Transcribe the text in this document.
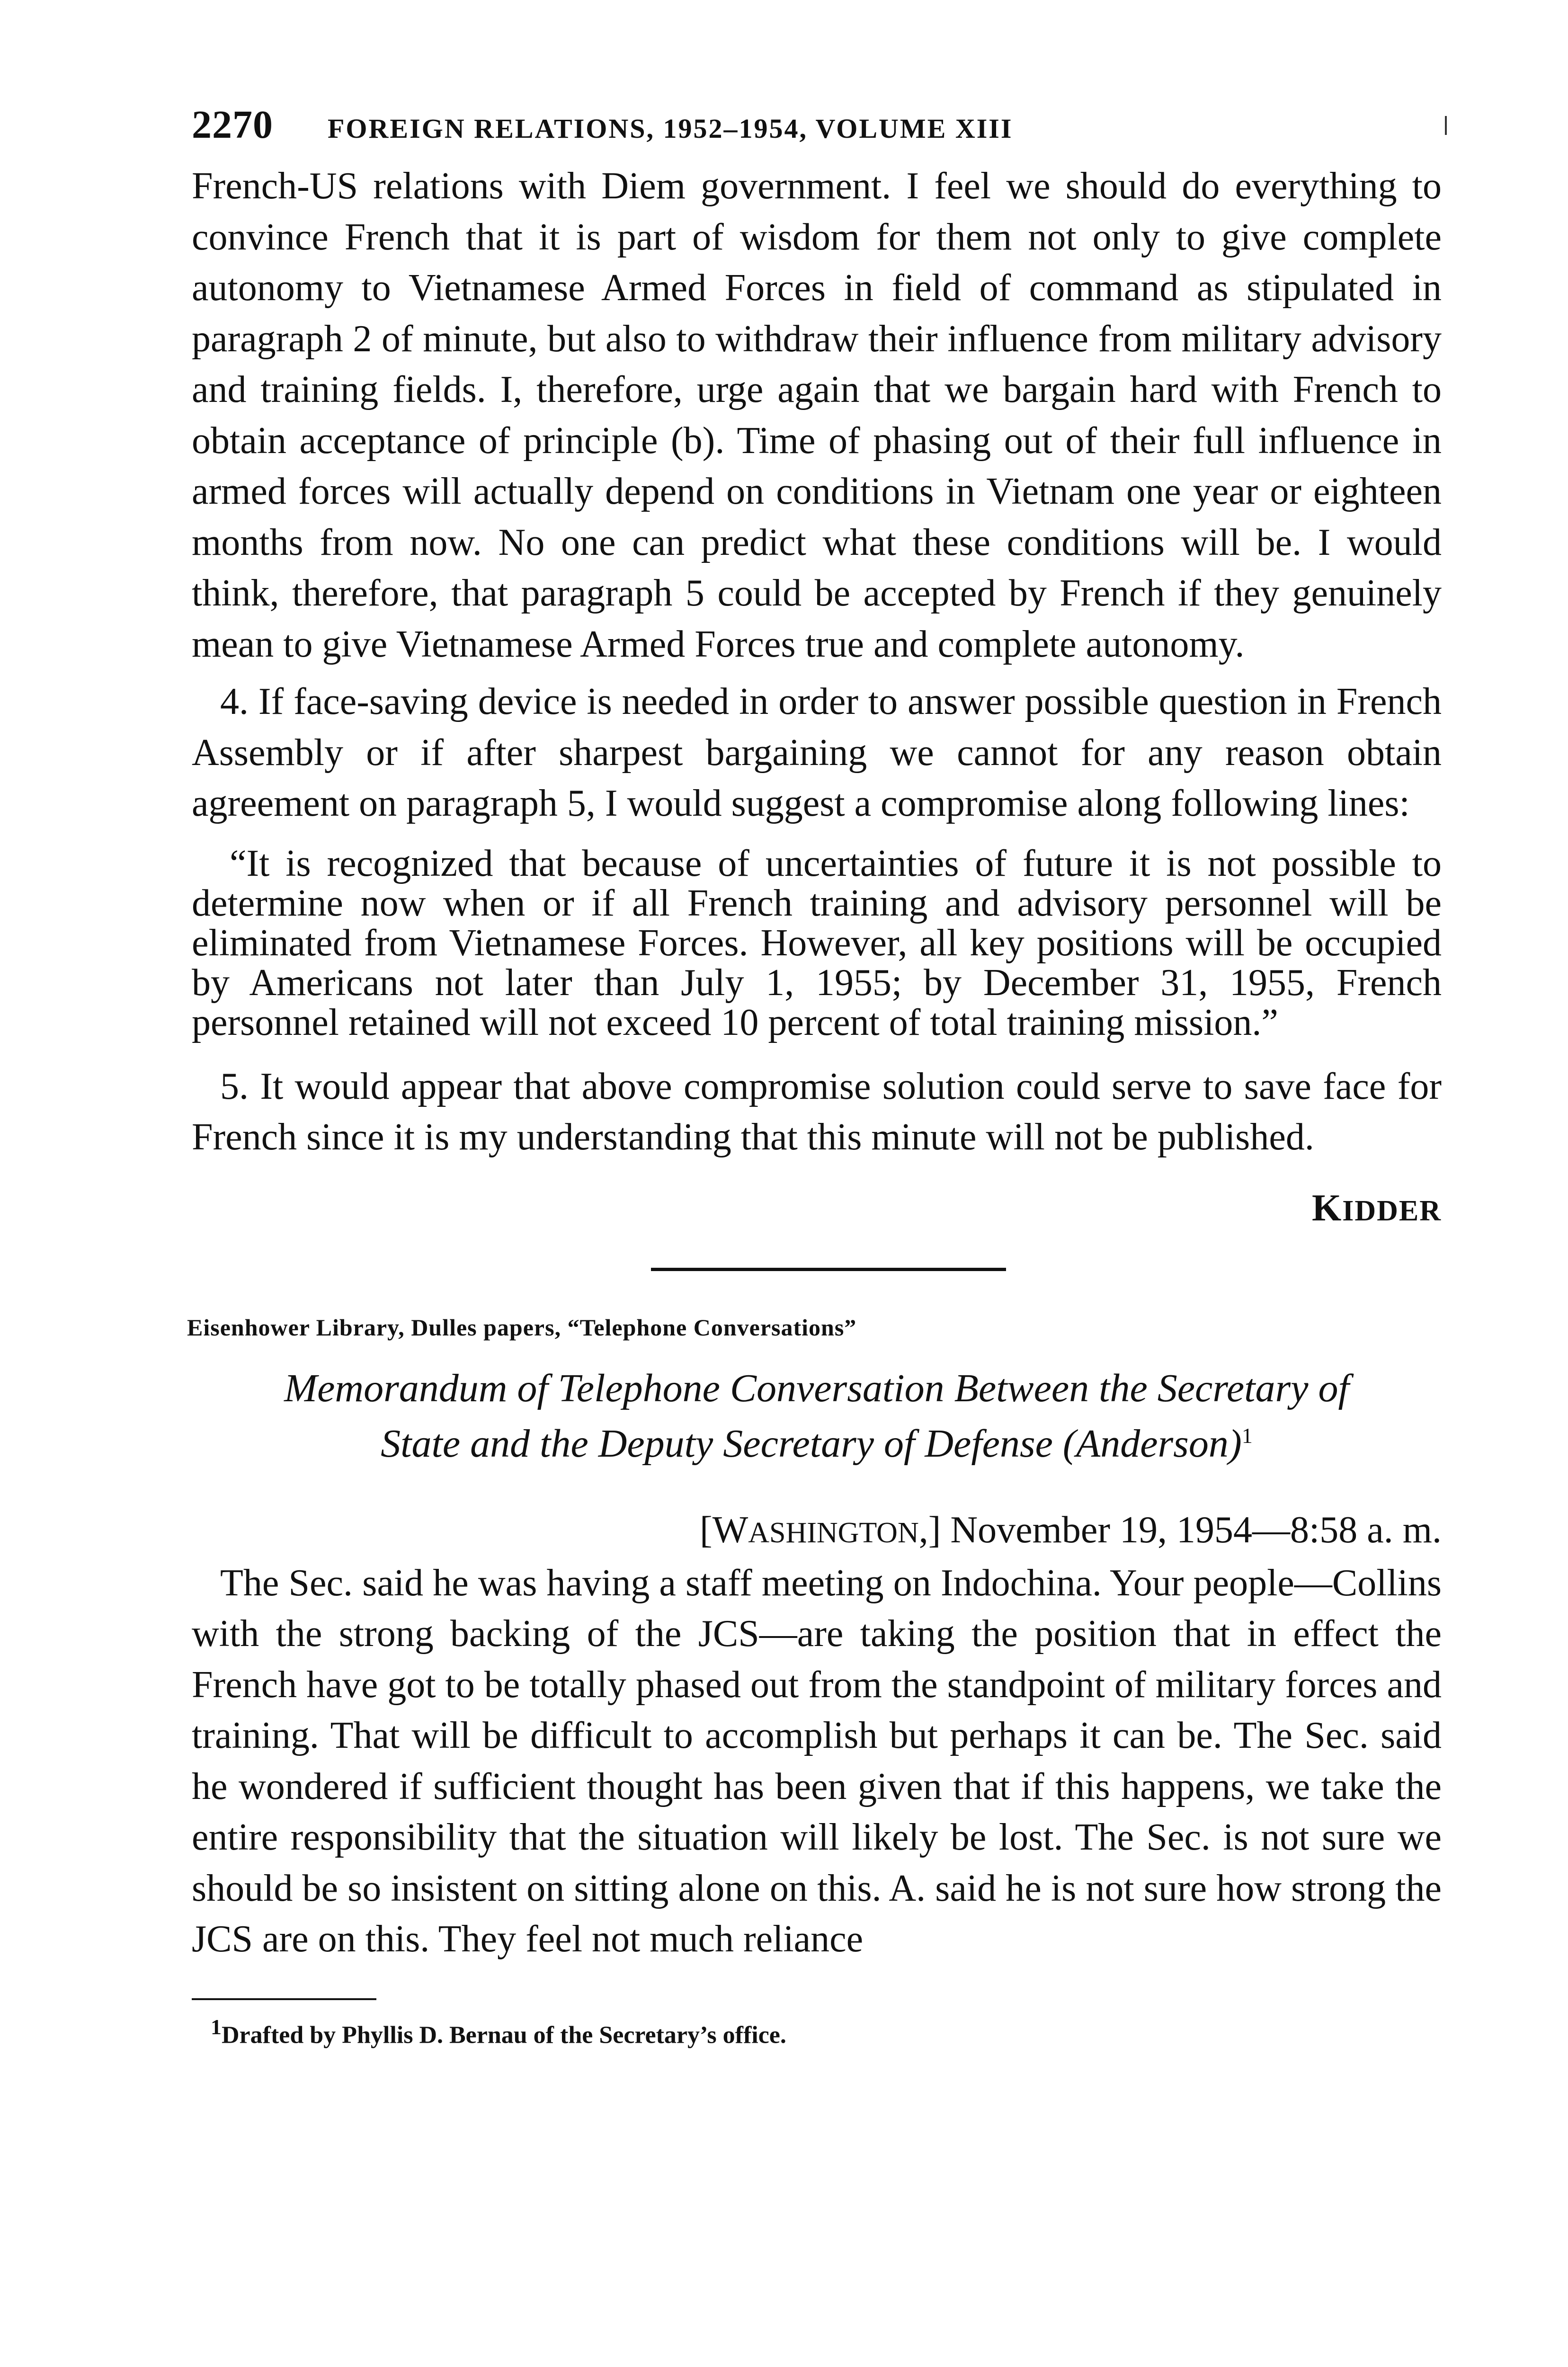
2270 FOREIGN RELATIONS, 1952–1954, VOLUME XIII

French-US relations with Diem government. I feel we should do everything to convince French that it is part of wisdom for them not only to give complete autonomy to Vietnamese Armed Forces in field of command as stipulated in paragraph 2 of minute, but also to withdraw their influence from military advisory and training fields. I, therefore, urge again that we bargain hard with French to obtain acceptance of principle (b). Time of phasing out of their full influence in armed forces will actually depend on conditions in Vietnam one year or eighteen months from now. No one can predict what these conditions will be. I would think, therefore, that paragraph 5 could be accepted by French if they genuinely mean to give Vietnamese Armed Forces true and complete autonomy.

4. If face-saving device is needed in order to answer possible question in French Assembly or if after sharpest bargaining we cannot for any reason obtain agreement on paragraph 5, I would suggest a compromise along following lines:

“It is recognized that because of uncertainties of future it is not possible to determine now when or if all French training and advisory personnel will be eliminated from Vietnamese Forces. However, all key positions will be occupied by Americans not later than July 1, 1955; by December 31, 1955, French personnel retained will not exceed 10 percent of total training mission.”

5. It would appear that above compromise solution could serve to save face for French since it is my understanding that this minute will not be published.

KIDDER
Eisenhower Library, Dulles papers, “Telephone Conversations”
Memorandum of Telephone Conversation Between the Secretary of
State and the Deputy Secretary of Defense (Anderson)$^1$
[WASHINGTON,] November 19, 1954—8:58 a. m.

The Sec. said he was having a staff meeting on Indochina. Your people—Collins with the strong backing of the JCS—are taking the position that in effect the French have got to be totally phased out from the standpoint of military forces and training. That will be difficult to accomplish but perhaps it can be. The Sec. said he wondered if sufficient thought has been given that if this happens, we take the entire responsibility that the situation will likely be lost. The Sec. is not sure we should be so insistent on sitting alone on this. A. said he is not sure how strong the JCS are on this. They feel not much reliance

$^1$Drafted by Phyllis D. Bernau of the Secretary’s office.
